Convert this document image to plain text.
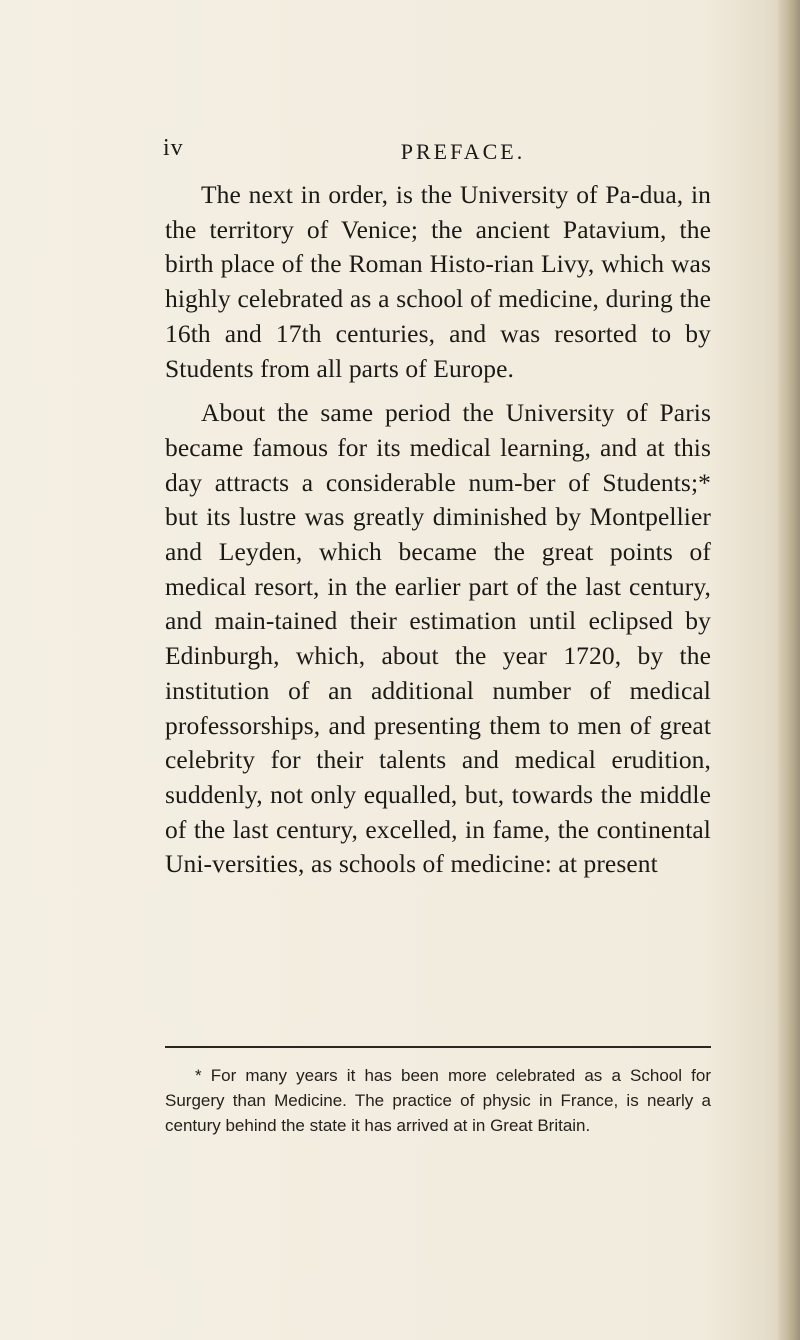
iv	PREFACE.

The next in order, is the University of Pa-dua, in the territory of Venice; the ancient Patavium, the birth place of the Roman Histo-rian Livy, which was highly celebrated as a school of medicine, during the 16th and 17th centuries, and was resorted to by Students from all parts of Europe.

About the same period the University of Paris became famous for its medical learning, and at this day attracts a considerable num-ber of Students;* but its lustre was greatly diminished by Montpellier and Leyden, which became the great points of medical resort, in the earlier part of the last century, and main-tained their estimation until eclipsed by Edinburgh, which, about the year 1720, by the institution of an additional number of medical professorships, and presenting them to men of great celebrity for their talents and medical erudition, suddenly, not only equalled, but, towards the middle of the last century, excelled, in fame, the continental Uni-versities, as schools of medicine: at present

* For many years it has been more celebrated as a School for Surgery than Medicine. The practice of physic in France, is nearly a century behind the state it has arrived at in Great Britain.
